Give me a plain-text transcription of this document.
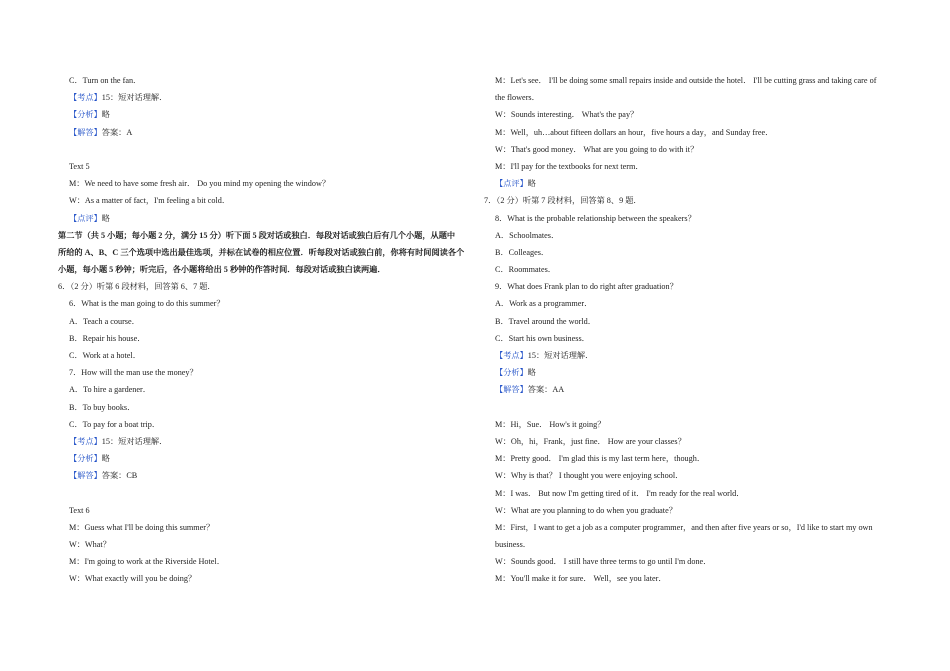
C．Turn on the fan．
【考点】15：短对话理解．
【分析】略
【解答】答案：A
Text 5
M：We need to have some fresh air． Do you mind my opening the window？
W：As a matter of fact，I'm feeling a bit cold．
【点评】略
第二节（共 5 小题；每小题 2 分，满分 15 分）听下面 5 段对话或独白．每段对话或独白后有几个小题，从题中
所给的 A、B、C 三个选项中选出最佳选项，并标在试卷的相应位置．听每段对话或独白前，你将有时间阅读各个
小题，每小题 5 秒钟；听完后，各小题将给出 5 秒钟的作答时间．每段对话或独白读两遍．
6．（2 分）听第 6 段材料，回答第 6、7 题．
6．What is the man going to do this summer？
A．Teach a course．
B．Repair his house．
C．Work at a hotel．
7．How will the man use the money？
A．To hire a gardener．
B．To buy books．
C．To pay for a boat trip．
【考点】15：短对话理解．
【分析】略
【解答】答案：CB
Text 6
M：Guess what I'll be doing this summer？
W：What？
M：I'm going to work at the Riverside Hotel．
W：What exactly will you be doing？
M：Let's see． I'll be doing some small repairs inside and outside the hotel． I'll be cutting grass and taking care of
the flowers．
W：Sounds interesting． What's the pay？
M：Well，uh…about fifteen dollars an hour，five hours a day，and Sunday free．
W：That's good money． What are you going to do with it？
M：I'll pay for the textbooks for next term．
【点评】略
7．（2 分）听第 7 段材料，回答第 8、9 题．
8．What is the probable relationship between the speakers？
A．Schoolmates．
B．Colleages．
C．Roommates．
9．What does Frank plan to do right after graduation？
A．Work as a programmer．
B．Travel around the world．
C．Start his own business．
【考点】15：短对话理解．
【分析】略
【解答】答案：AA
M：Hi，Sue． How's it going？
W：Oh，hi，Frank，just fine． How are your classes？
M：Pretty good． I'm glad this is my last term here，though．
W：Why is that？ I thought you were enjoying school．
M：I was． But now I'm getting tired of it． I'm ready for the real world．
W：What are you planning to do when you graduate？
M：First，I want to get a job as a computer programmer，and then after five years or so，I'd like to start my own
business．
W：Sounds good． I still have three terms to go until I'm done．
M：You'll make it for sure． Well，see you later．
